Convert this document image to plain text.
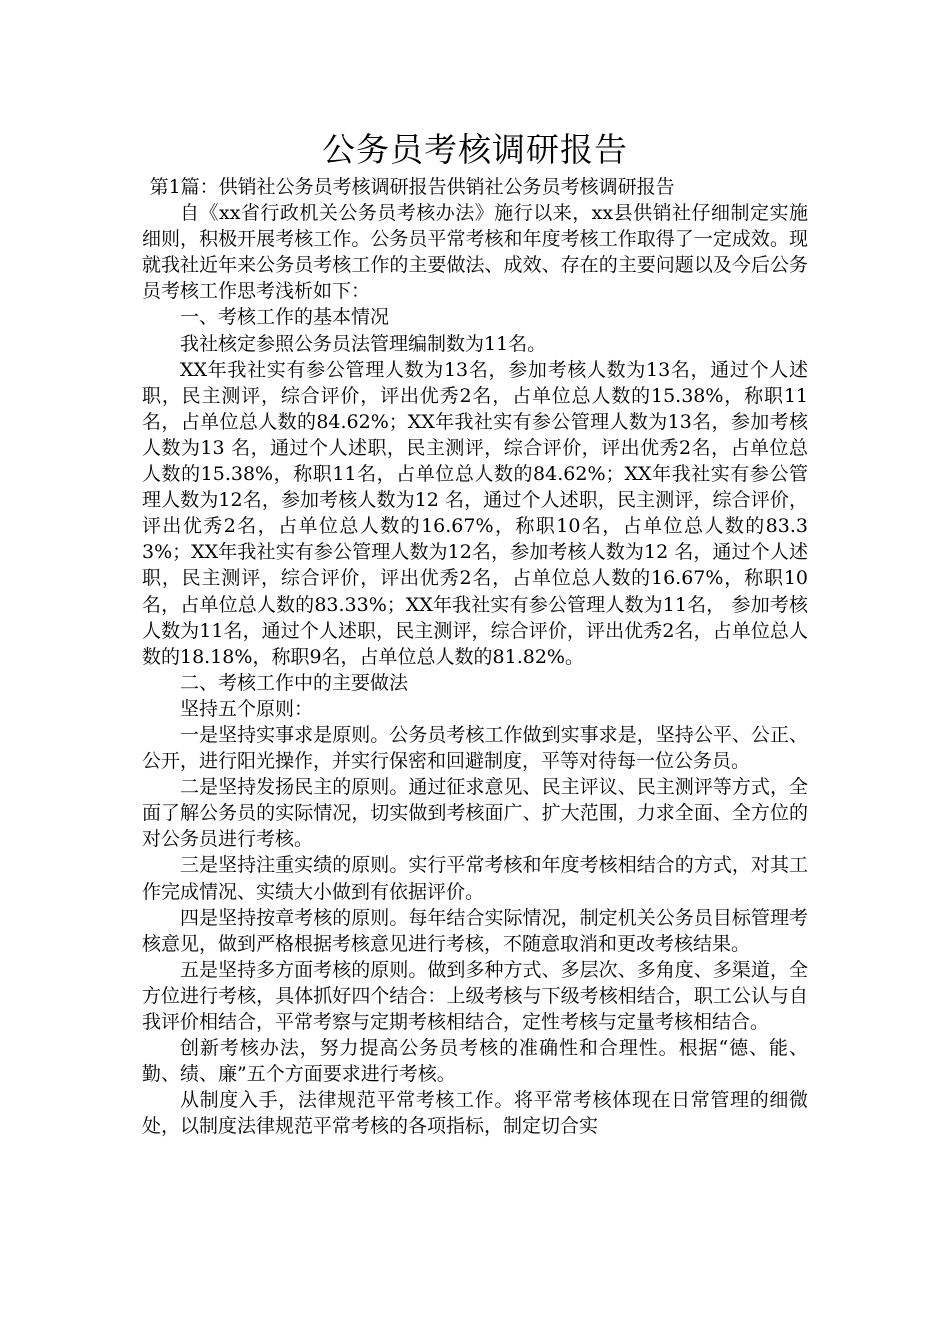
公务员考核调研报告

第1篇：供销社公务员考核调研报告供销社公务员考核调研报告

自《xx省行政机关公务员考核办法》施行以来，xx县供销社仔细制定实施细则，积极开展考核工作。公务员平常考核和年度考核工作取得了一定成效。现就我社近年来公务员考核工作的主要做法、成效、存在的主要问题以及今后公务员考核工作思考浅析如下：

一、考核工作的基本情况

我社核定参照公务员法管理编制数为11名。

XX年我社实有参公管理人数为13名，参加考核人数为13名，通过个人述职，民主测评，综合评价，评出优秀2名，占单位总人数的15.38%，称职11名，占单位总人数的84.62%；XX年我社实有参公管理人数为13名，参加考核人数为13 名，通过个人述职，民主测评，综合评价，评出优秀2名，占单位总人数的15.38%，称职11名，占单位总人数的84.62%；XX年我社实有参公管理人数为12名，参加考核人数为12 名，通过个人述职，民主测评，综合评价，评出优秀2名，占单位总人数的16.67%，称职10名，占单位总人数的83.33%；XX年我社实有参公管理人数为12名，参加考核人数为12 名，通过个人述职，民主测评，综合评价，评出优秀2名，占单位总人数的16.67%，称职10名，占单位总人数的83.33%；XX年我社实有参公管理人数为11名， 参加考核人数为11名，通过个人述职，民主测评，综合评价，评出优秀2名，占单位总人数的18.18%，称职9名，占单位总人数的81.82%。

二、考核工作中的主要做法

坚持五个原则：

一是坚持实事求是原则。公务员考核工作做到实事求是，坚持公平、公正、公开，进行阳光操作，并实行保密和回避制度，平等对待每一位公务员。

二是坚持发扬民主的原则。通过征求意见、民主评议、民主测评等方式，全面了解公务员的实际情况，切实做到考核面广、扩大范围，力求全面、全方位的对公务员进行考核。

三是坚持注重实绩的原则。实行平常考核和年度考核相结合的方式，对其工作完成情况、实绩大小做到有依据评价。

四是坚持按章考核的原则。每年结合实际情况，制定机关公务员目标管理考核意见，做到严格根据考核意见进行考核，不随意取消和更改考核结果。

五是坚持多方面考核的原则。做到多种方式、多层次、多角度、多渠道，全方位进行考核，具体抓好四个结合：上级考核与下级考核相结合，职工公认与自我评价相结合，平常考察与定期考核相结合，定性考核与定量考核相结合。

创新考核办法，努力提高公务员考核的准确性和合理性。根据“德、能、勤、绩、廉”五个方面要求进行考核。

从制度入手，法律规范平常考核工作。将平常考核体现在日常管理的细微处，以制度法律规范平常考核的各项指标，制定切合实
